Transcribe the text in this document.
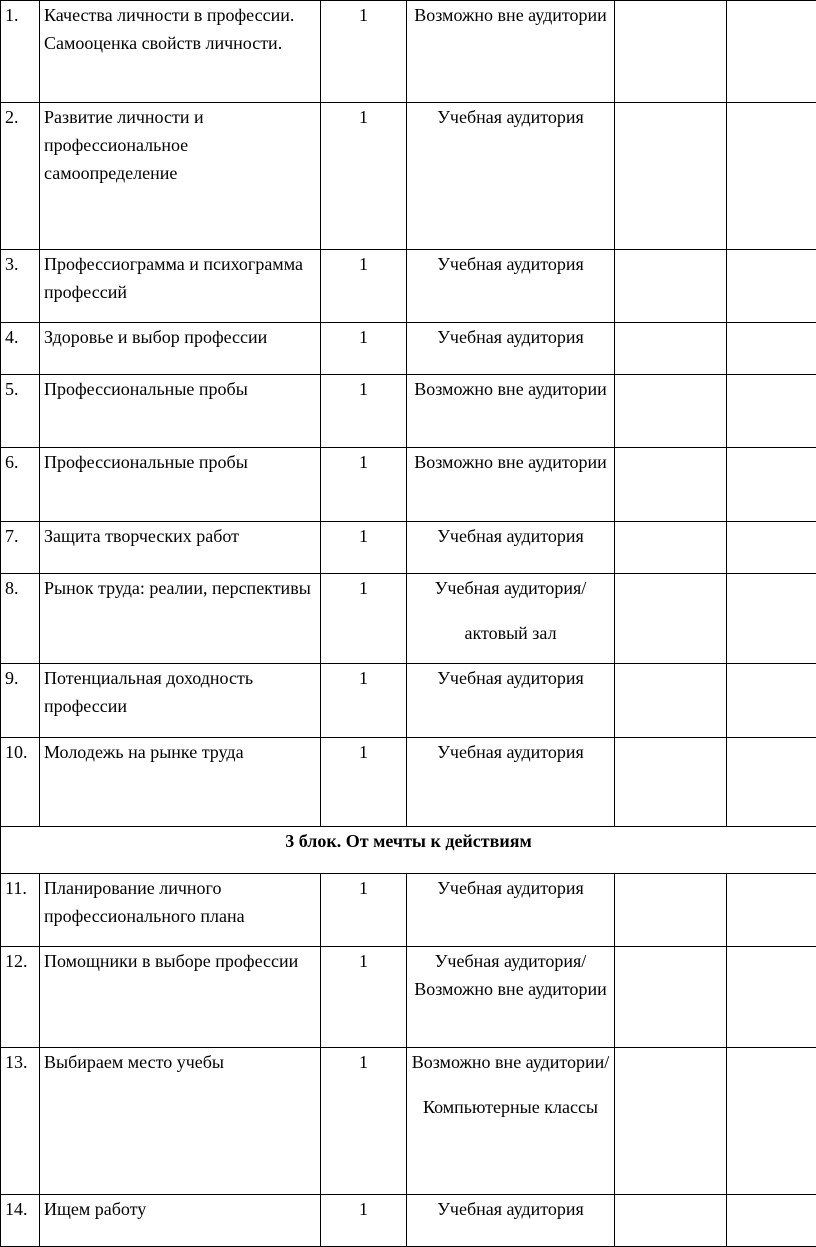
1.	Качества личности в профессии. Самооценка свойств личности.	1	Возможно вне аудитории		

2.	Развитие личности и профессиональное самоопределение	1	Учебная аудитория		

3.	Профессиограмма и психограмма профессий	1	Учебная аудитория		

4.	Здоровье и выбор профессии	1	Учебная аудитория		

5.	Профессиональные пробы	1	Возможно вне аудитории		

6.	Профессиональные пробы	1	Возможно вне аудитории		

7.	Защита творческих работ	1	Учебная аудитория		

8.	Рынок труда: реалии, перспективы	1	Учебная аудитория/
актовый зал		

9.	Потенциальная доходность профессии	1	Учебная аудитория		

10.	Молодежь на рынке труда	1	Учебная аудитория		

3 блок. От мечты к действиям					
11.	Планирование личного профессионального плана	1	Учебная аудитория		

12.	Помощники в выборе профессии	1	Учебная аудитория/ Возможно вне аудитории		

13.	Выбираем место учебы	1	Возможно вне аудитории/
Компьютерные классы		

14.	Ищем работу	1	Учебная аудитория		
